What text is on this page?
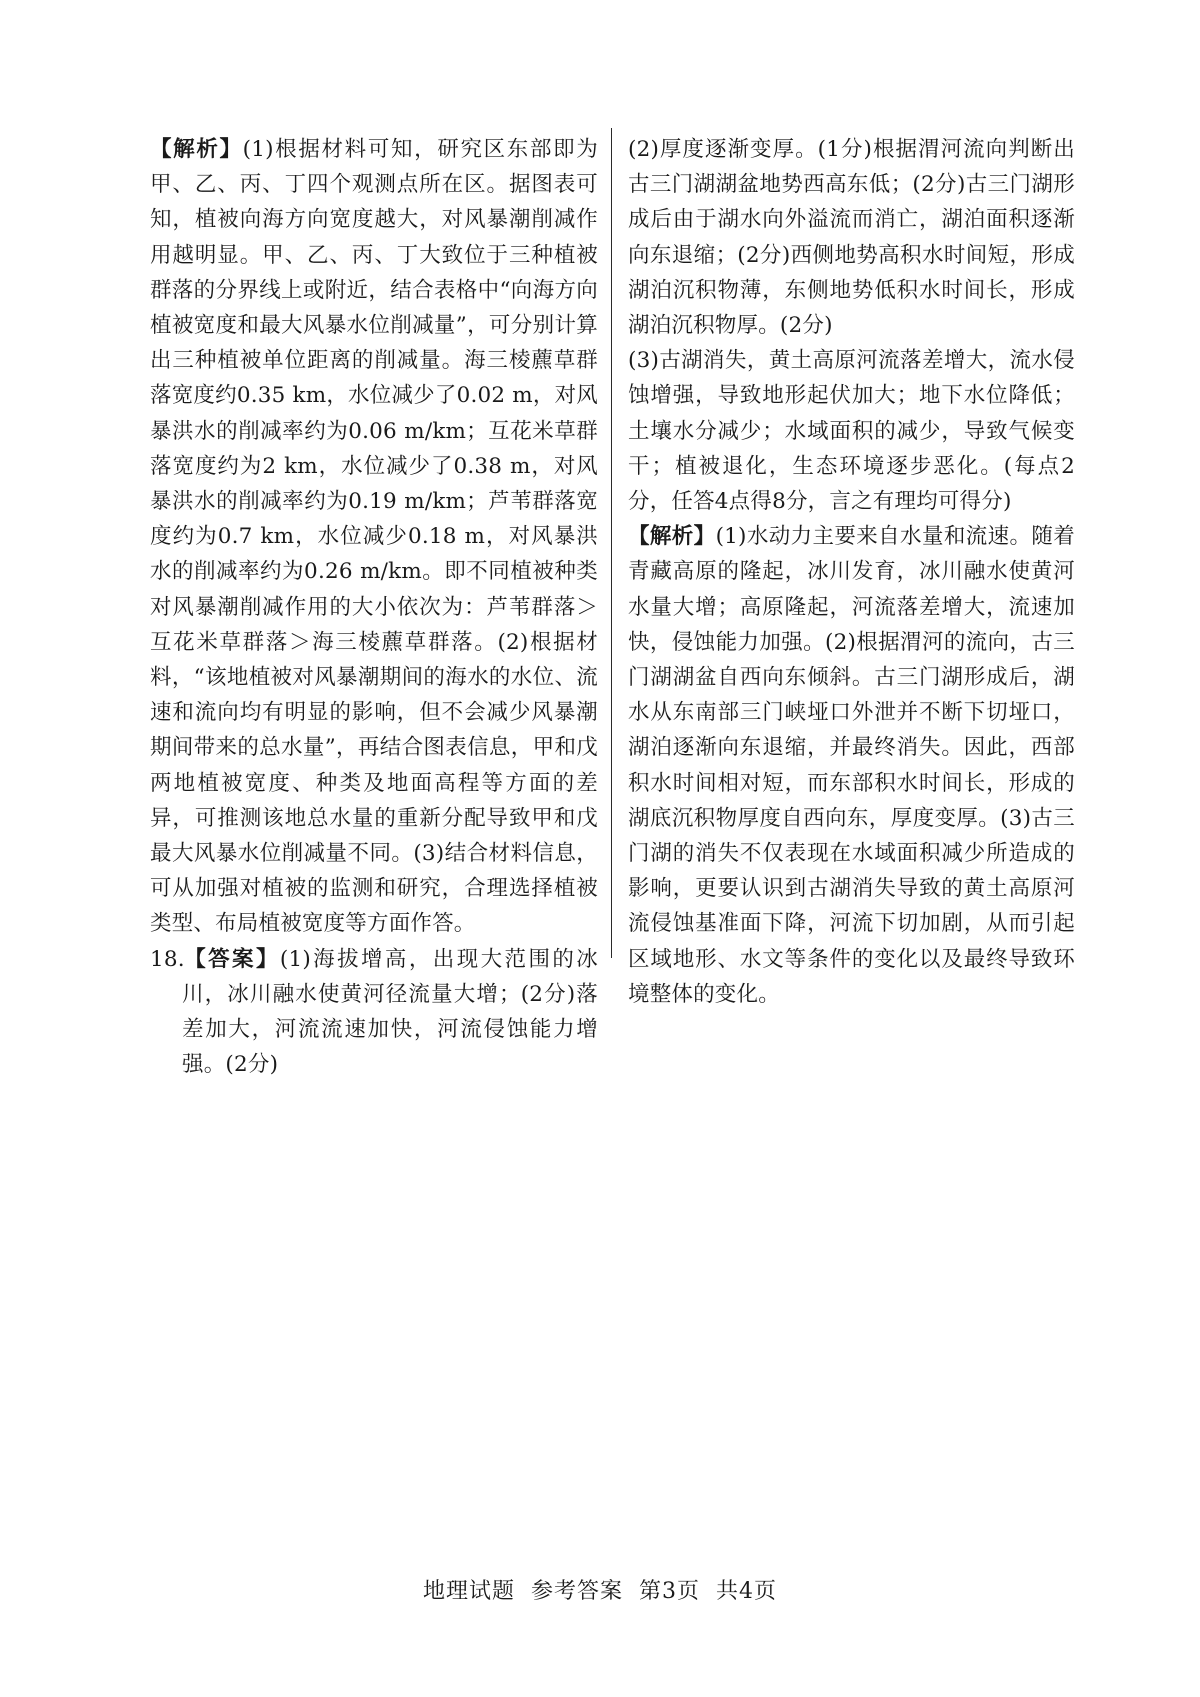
【解析】(1)根据材料可知，研究区东部即为甲、乙、丙、丁四个观测点所在区。据图表可知，植被向海方向宽度越大，对风暴潮削减作用越明显。甲、乙、丙、丁大致位于三种植被群落的分界线上或附近，结合表格中“向海方向植被宽度和最大风暴水位削减量”，可分别计算出三种植被单位距离的削减量。海三棱藨草群落宽度约0.35 km，水位减少了0.02 m，对风暴洪水的削减率约为0.06 m/km；互花米草群落宽度约为2 km，水位减少了0.38 m，对风暴洪水的削减率约为0.19 m/km；芦苇群落宽度约为0.7 km，水位减少0.18 m，对风暴洪水的削减率约为0.26 m/km。即不同植被种类对风暴潮削减作用的大小依次为：芦苇群落＞互花米草群落＞海三棱藨草群落。(2)根据材料，“该地植被对风暴潮期间的海水的水位、流速和流向均有明显的影响，但不会减少风暴潮期间带来的总水量”，再结合图表信息，甲和戊两地植被宽度、种类及地面高程等方面的差异，可推测该地总水量的重新分配导致甲和戊最大风暴水位削减量不同。(3)结合材料信息，可从加强对植被的监测和研究，合理选择植被类型、布局植被宽度等方面作答。

18.【答案】(1)海拔增高，出现大范围的冰川，冰川融水使黄河径流量大增；(2分)落差加大，河流流速加快，河流侵蚀能力增强。(2分)

(2)厚度逐渐变厚。(1分)根据渭河流向判断出古三门湖湖盆地势西高东低；(2分)古三门湖形成后由于湖水向外溢流而消亡，湖泊面积逐渐向东退缩；(2分)西侧地势高积水时间短，形成湖泊沉积物薄，东侧地势低积水时间长，形成湖泊沉积物厚。(2分)

(3)古湖消失，黄土高原河流落差增大，流水侵蚀增强，导致地形起伏加大；地下水位降低；土壤水分减少；水域面积的减少，导致气候变干；植被退化，生态环境逐步恶化。(每点2分，任答4点得8分，言之有理均可得分)

【解析】(1)水动力主要来自水量和流速。随着青藏高原的隆起，冰川发育，冰川融水使黄河水量大增；高原隆起，河流落差增大，流速加快，侵蚀能力加强。(2)根据渭河的流向，古三门湖湖盆自西向东倾斜。古三门湖形成后，湖水从东南部三门峡垭口外泄并不断下切垭口，湖泊逐渐向东退缩，并最终消失。因此，西部积水时间相对短，而东部积水时间长，形成的湖底沉积物厚度自西向东，厚度变厚。(3)古三门湖的消失不仅表现在水域面积减少所造成的影响，更要认识到古湖消失导致的黄土高原河流侵蚀基准面下降，河流下切加剧，从而引起区域地形、水文等条件的变化以及最终导致环境整体的变化。

地理试题 参考答案 第3页 共4页
